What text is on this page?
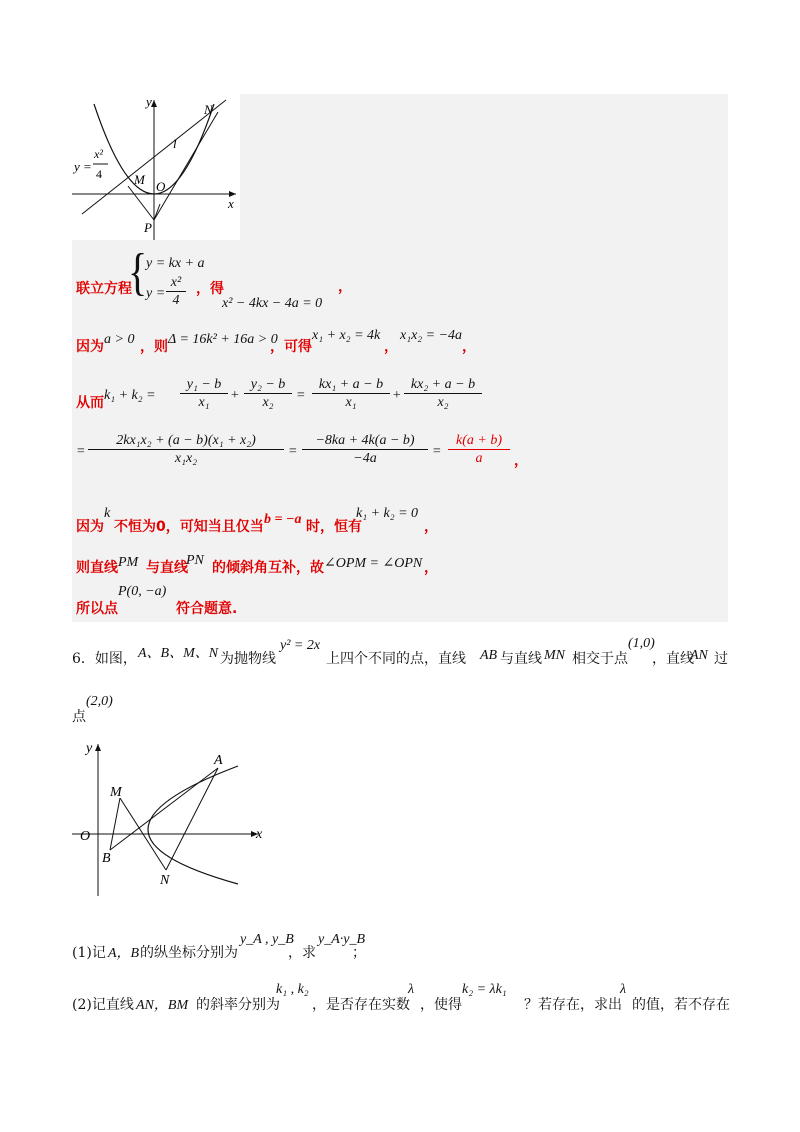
y
x
N
l
M O
P
y =
x²
4
联立方程
{
y = kx + a
$y = \frac{\text{x²}}{4}$ ，得
x² − 4kx − 4a = 0
，
因为 a > 0 ，则 Δ = 16k² + 16a > 0
，可得
x₁ + x₂ = 4k
，
x₁x₂ = −4a
，
从而 $k_1 + k_2 = \frac{\text{y₁ − b}}{\text{x₁}} + \frac{\text{y₂ − b}}{\text{x₂}} = \frac{\text{kx₁ + a − b}}{\text{x₁}} + \frac{\text{kx₂ + a − b}}{\text{x₂}}$
= $\frac{\text{2kx₁x₂ + (a − b)(x₁ + x₂)}}{\text{x₁x₂}} = \frac{-8ka + 4k(a - b)}{-4a} = \frac{k(a + b)}{a}$ ，
因为
k
不恒为0，可知当且仅当 b = −a 时，恒有
k₁ + k₂ = 0
，
则直线 PM 与直线
PN 的倾斜角互补，故 ∠OPM = ∠OPN ，
所以点
P(0, −a)
符合题意.
6．如图， A、B、M、N 为抛物线
y² = 2x
上四个不同的点，直线 AB 与直线 MN 相交于点
(1,0)
，直线
AN 过
点
(2,0)
y
x
A
M
O
B
N
(1)记 A，B 的纵坐标分别为
y_A , y_B
，求
y_A·y_B
；
(2)记直线 AN，BM 的斜率分别为
k₁ , k₂
，是否存在实数
λ
，使得
k₂ = λk₁
？若存在，求出
λ
的值，若不存在
